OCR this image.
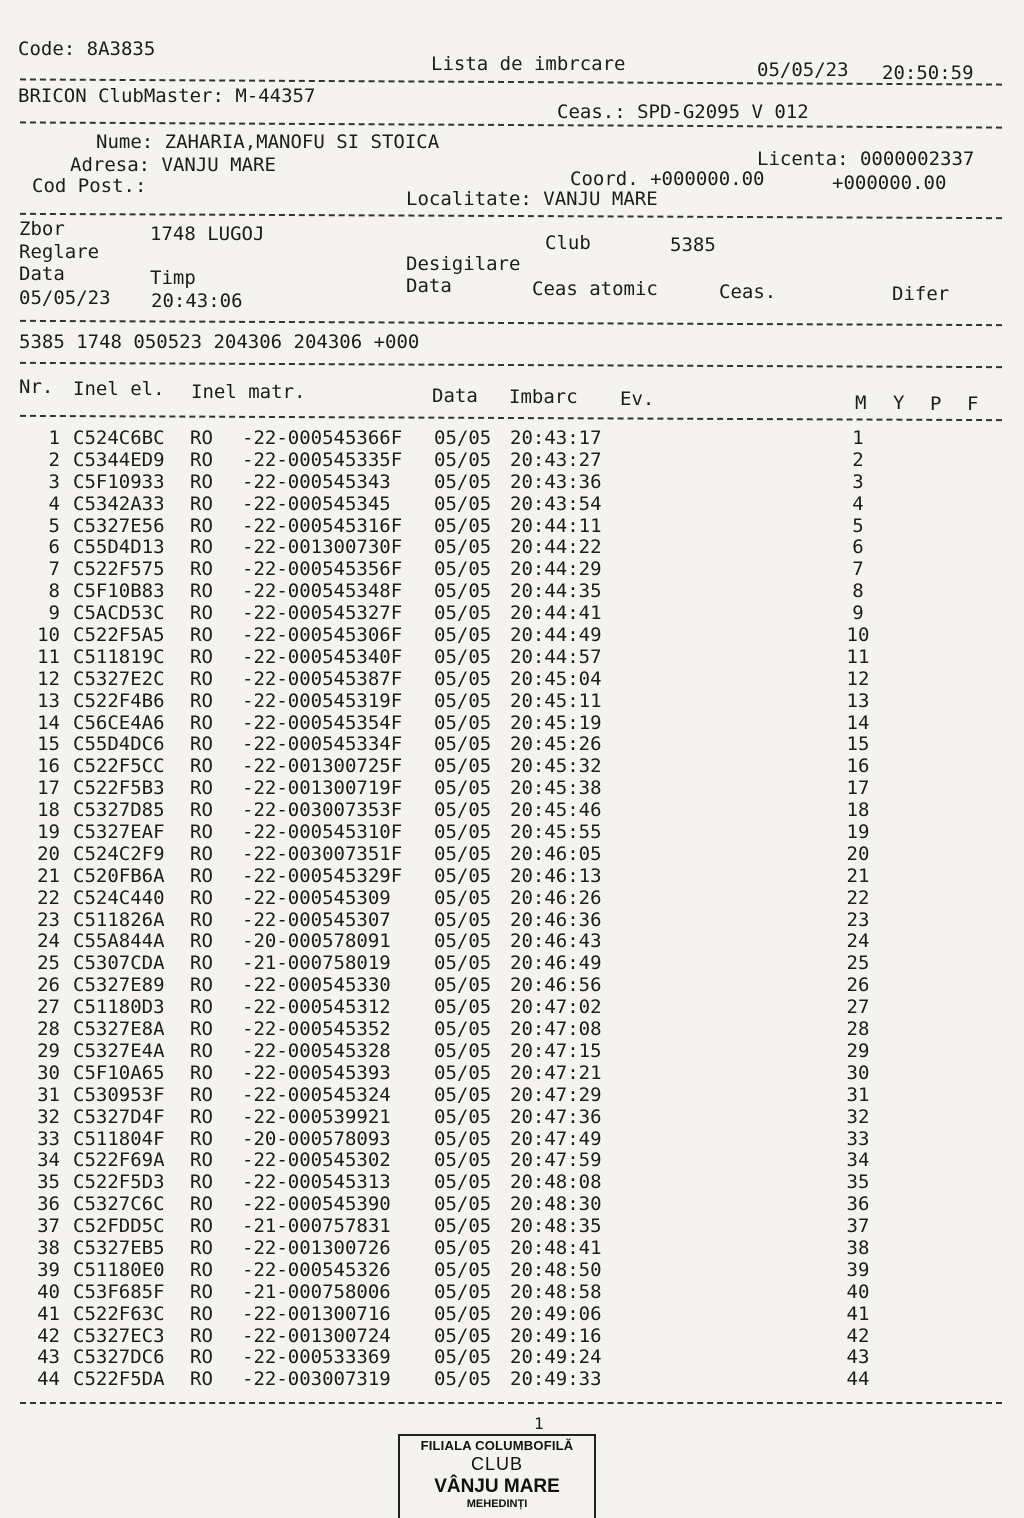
Code: 8A3835
Lista de imbrcare	05/05/23 20:50:59
BRICON ClubMaster: M-44357
Ceas.: SPD-G2095 V 012
Nume: ZAHARIA,MANOFU SI STOICA
Adresa: VANJU MARE
Cod Post.:
Licenta: 0000002337
Coord. +000000.00	+000000.00
Localitate: VANJU MARE
Zbor	1748 LUGOJ	Club	5385
Reglare
Desigilare
Data	Timp	Data	Ceas atomic	Ceas.	Difer
05/05/23 20:43:06
5385 1748 050523 204306 204306 +000
Nr. Inel el. Inel matr.	Data Imbarc Ev.	M Y P F
1 C524C6BC RO -22-000545366F 05/05 20:43:17	1
2 C5344ED9 RO -22-000545335F 05/05 20:43:27	2
3 C5F10933 RO -22-000545343 05/05 20:43:36	3
4 C5342A33 RO -22-000545345 05/05 20:43:54	4
5 C5327E56 RO -22-000545316F 05/05 20:44:11	5
6 C55D4D13 RO -22-001300730F 05/05 20:44:22	6
7 C522F575 RO -22-000545356F 05/05 20:44:29	7
8 C5F10B83 RO -22-000545348F 05/05 20:44:35	8
9 C5ACD53C RO -22-000545327F 05/05 20:44:41	9
10 C522F5A5 RO -22-000545306F 05/05 20:44:49	10
11 C511819C RO -22-000545340F 05/05 20:44:57	11
12 C5327E2C RO -22-000545387F 05/05 20:45:04	12
13 C522F4B6 RO -22-000545319F 05/05 20:45:11	13
14 C56CE4A6 RO -22-000545354F 05/05 20:45:19	14
15 C55D4DC6 RO -22-000545334F 05/05 20:45:26	15
16 C522F5CC RO -22-001300725F 05/05 20:45:32	16
17 C522F5B3 RO -22-001300719F 05/05 20:45:38	17
18 C5327D85 RO -22-003007353F 05/05 20:45:46	18
19 C5327EAF RO -22-000545310F 05/05 20:45:55	19
20 C524C2F9 RO -22-003007351F 05/05 20:46:05	20
21 C520FB6A RO -22-000545329F 05/05 20:46:13	21
22 C524C440 RO -22-000545309 05/05 20:46:26	22
23 C511826A RO -22-000545307 05/05 20:46:36	23
24 C55A844A RO -20-000578091 05/05 20:46:43	24
25 C5307CDA RO -21-000758019 05/05 20:46:49	25
26 C5327E89 RO -22-000545330 05/05 20:46:56	26
27 C51180D3 RO -22-000545312 05/05 20:47:02	27
28 C5327E8A RO -22-000545352 05/05 20:47:08	28
29 C5327E4A RO -22-000545328 05/05 20:47:15	29
30 C5F10A65 RO -22-000545393 05/05 20:47:21	30
31 C530953F RO -22-000545324 05/05 20:47:29	31
32 C5327D4F RO -22-000539921 05/05 20:47:36	32
33 C511804F RO -20-000578093 05/05 20:47:49	33
34 C522F69A RO -22-000545302 05/05 20:47:59	34
35 C522F5D3 RO -22-000545313 05/05 20:48:08	35
36 C5327C6C RO -22-000545390 05/05 20:48:30	36
37 C52FDD5C RO -21-000757831 05/05 20:48:35	37
38 C5327EB5 RO -22-001300726 05/05 20:48:41	38
39 C51180E0 RO -22-000545326 05/05 20:48:50	39
40 C53F685F RO -21-000758006 05/05 20:48:58	40
41 C522F63C RO -22-001300716 05/05 20:49:06	41
42 C5327EC3 RO -22-001300724 05/05 20:49:16	42
43 C5327DC6 RO -22-000533369 05/05 20:49:24	43
44 C522F5DA RO -22-003007319 05/05 20:49:33	44
1
FILIALA COLUMBOFILĂ
CLUB
VÂNJU MARE
MEHEDINȚI
